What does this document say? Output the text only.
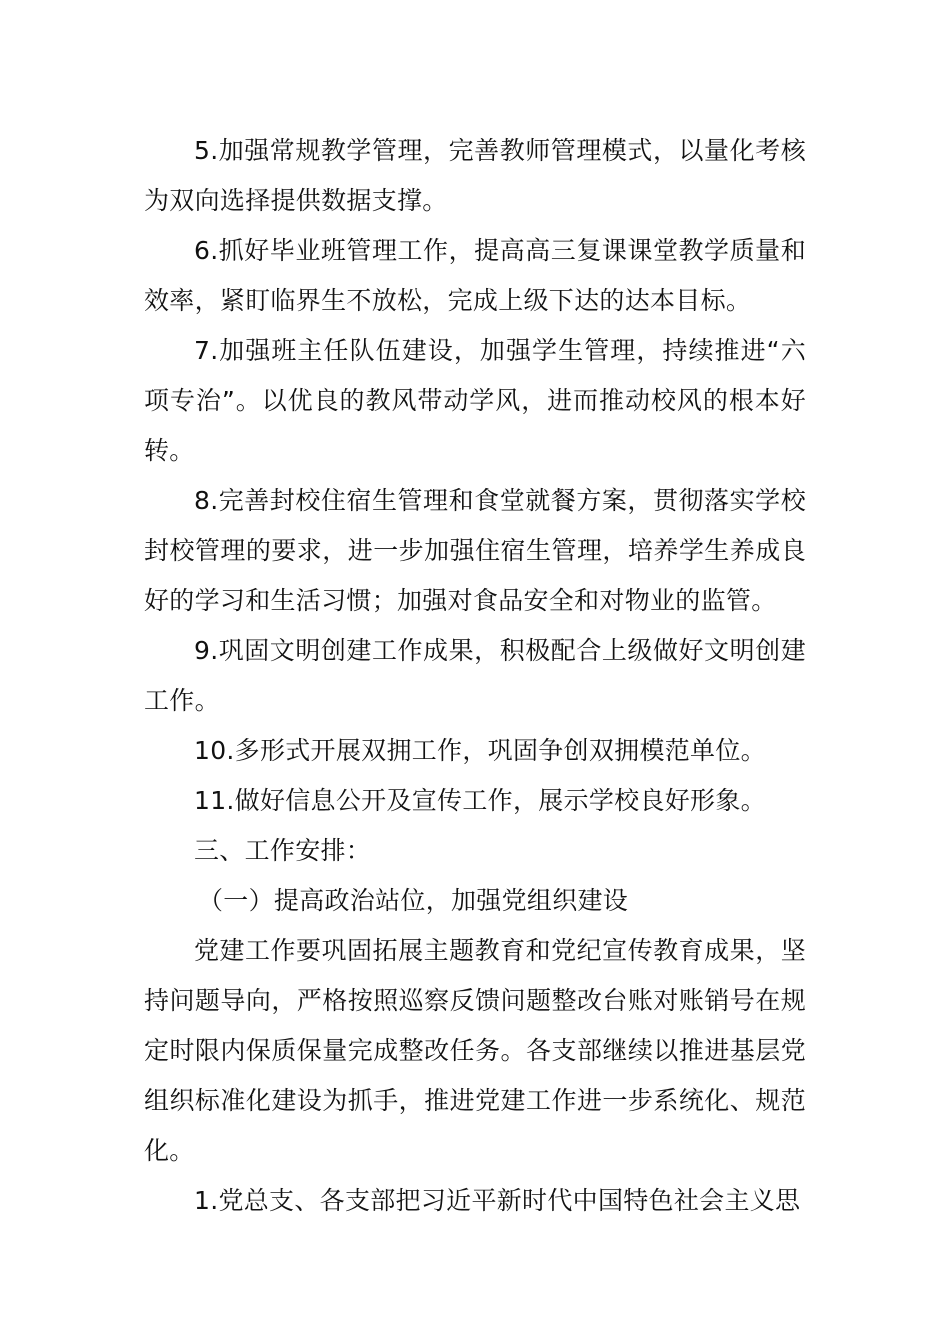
5.加强常规教学管理，完善教师管理模式，以量化考核为双向选择提供数据支撑。

6.抓好毕业班管理工作，提高高三复课课堂教学质量和效率，紧盯临界生不放松，完成上级下达的达本目标。

7.加强班主任队伍建设，加强学生管理，持续推进“六项专治”。以优良的教风带动学风，进而推动校风的根本好转。

8.完善封校住宿生管理和食堂就餐方案，贯彻落实学校封校管理的要求，进一步加强住宿生管理，培养学生养成良好的学习和生活习惯；加强对食品安全和对物业的监管。

9.巩固文明创建工作成果，积极配合上级做好文明创建工作。

10.多形式开展双拥工作，巩固争创双拥模范单位。

11.做好信息公开及宣传工作，展示学校良好形象。

三、工作安排：

（一）提高政治站位，加强党组织建设

党建工作要巩固拓展主题教育和党纪宣传教育成果，坚持问题导向，严格按照巡察反馈问题整改台账对账销号在规定时限内保质保量完成整改任务。各支部继续以推进基层党组织标准化建设为抓手，推进党建工作进一步系统化、规范化。

1.党总支、各支部把习近平新时代中国特色社会主义思
